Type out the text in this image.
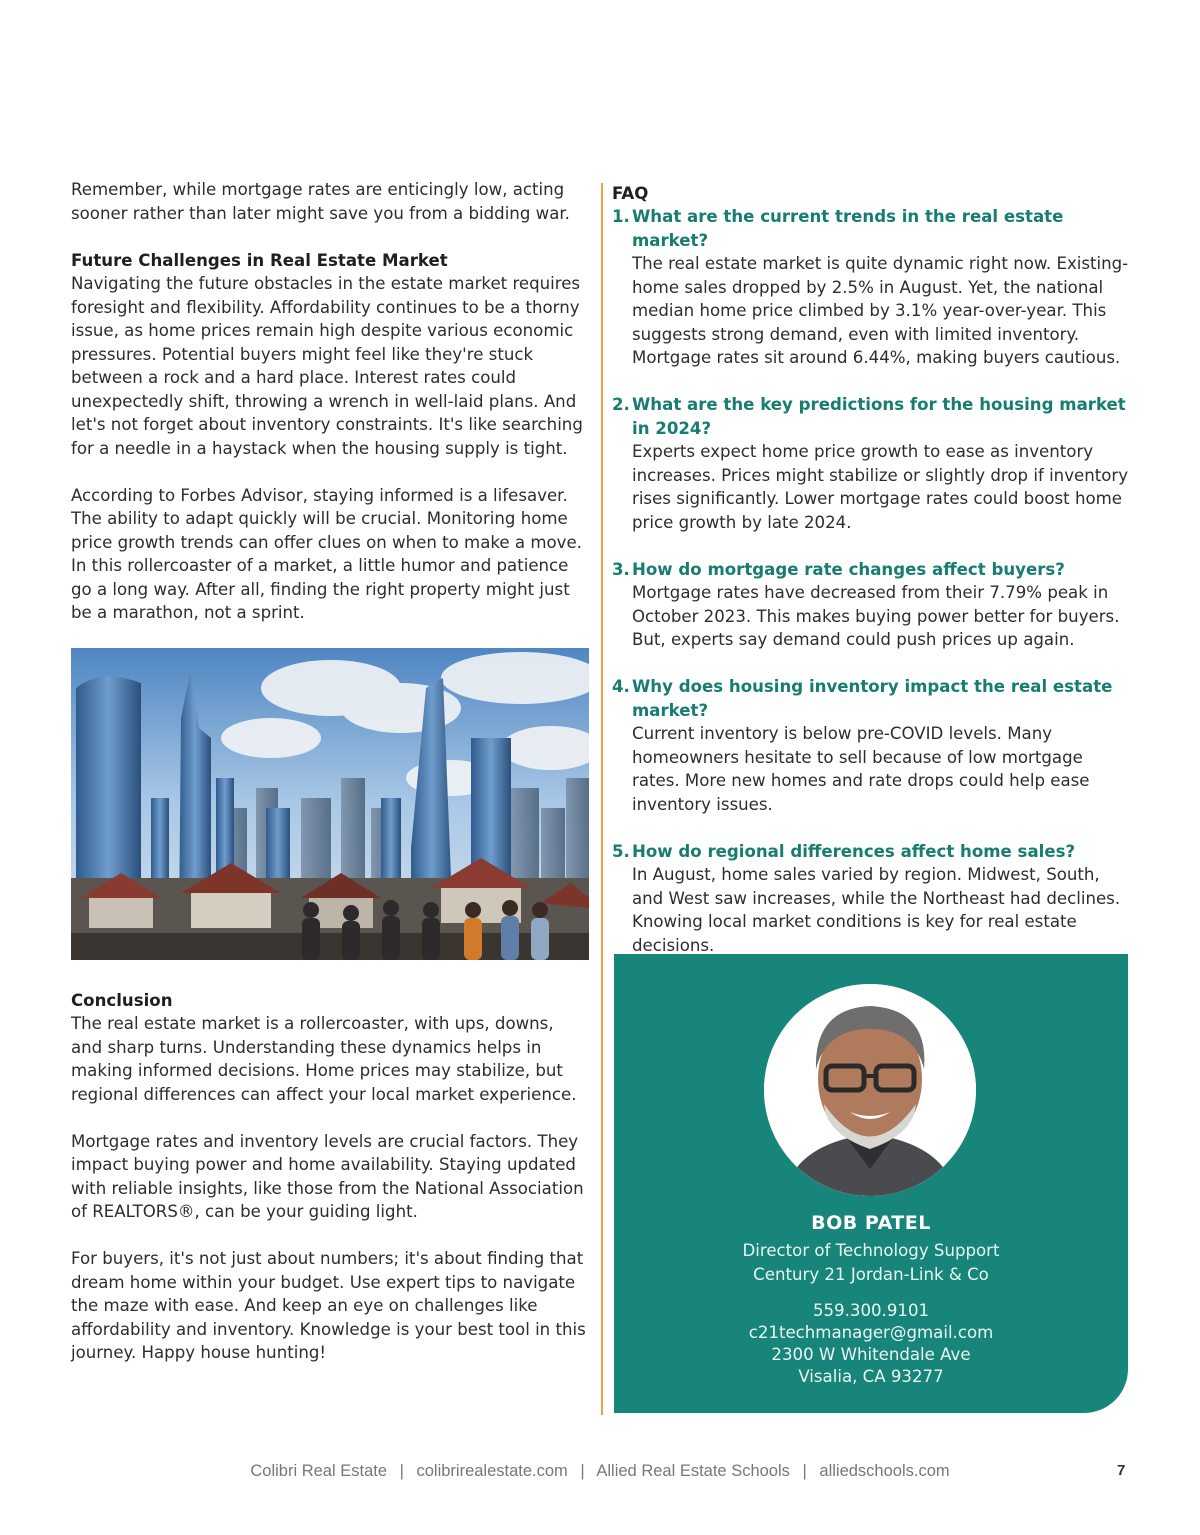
Remember, while mortgage rates are enticingly low, acting sooner rather than later might save you from a bidding war.

Future Challenges in Real Estate Market

Navigating the future obstacles in the estate market requires foresight and flexibility. Affordability continues to be a thorny issue, as home prices remain high despite various economic pressures. Potential buyers might feel like they're stuck between a rock and a hard place. Interest rates could unexpectedly shift, throwing a wrench in well-laid plans. And let's not forget about inventory constraints. It's like searching for a needle in a haystack when the housing supply is tight.

According to Forbes Advisor, staying informed is a lifesaver. The ability to adapt quickly will be crucial. Monitoring home price growth trends can offer clues on when to make a move. In this rollercoaster of a market, a little humor and patience go a long way. After all, finding the right property might just be a marathon, not a sprint.

Conclusion

The real estate market is a rollercoaster, with ups, downs, and sharp turns. Understanding these dynamics helps in making informed decisions. Home prices may stabilize, but regional differences can affect your local market experience.

Mortgage rates and inventory levels are crucial factors. They impact buying power and home availability. Staying updated with reliable insights, like those from the National Association of REALTORS®, can be your guiding light.

For buyers, it's not just about numbers; it's about finding that dream home within your budget. Use expert tips to navigate the maze with ease. And keep an eye on challenges like affordability and inventory. Knowledge is your best tool in this journey. Happy house hunting!

FAQ
1. What are the current trends in the real estate market?

The real estate market is quite dynamic right now. Existing-home sales dropped by 2.5% in August. Yet, the national median home price climbed by 3.1% year-over-year. This suggests strong demand, even with limited inventory. Mortgage rates sit around 6.44%, making buyers cautious.

2. What are the key predictions for the housing market in 2024?

Experts expect home price growth to ease as inventory increases. Prices might stabilize or slightly drop if inventory rises significantly. Lower mortgage rates could boost home price growth by late 2024.

3. How do mortgage rate changes affect buyers?

Mortgage rates have decreased from their 7.79% peak in October 2023. This makes buying power better for buyers. But, experts say demand could push prices up again.

4. Why does housing inventory impact the real estate market?

Current inventory is below pre-COVID levels. Many homeowners hesitate to sell because of low mortgage rates. More new homes and rate drops could help ease inventory issues.

5. How do regional differences affect home sales?

In August, home sales varied by region. Midwest, South, and West saw increases, while the Northeast had declines. Knowing local market conditions is key for real estate decisions.

BOB PATEL
Director of Technology Support
Century 21 Jordan-Link & Co
559.300.9101
c21techmanager@gmail.com
2300 W Whitendale Ave
Visalia, CA 93277
Colibri Real Estate | colibrirealestate.com | Allied Real Estate Schools | alliedschools.com	7
